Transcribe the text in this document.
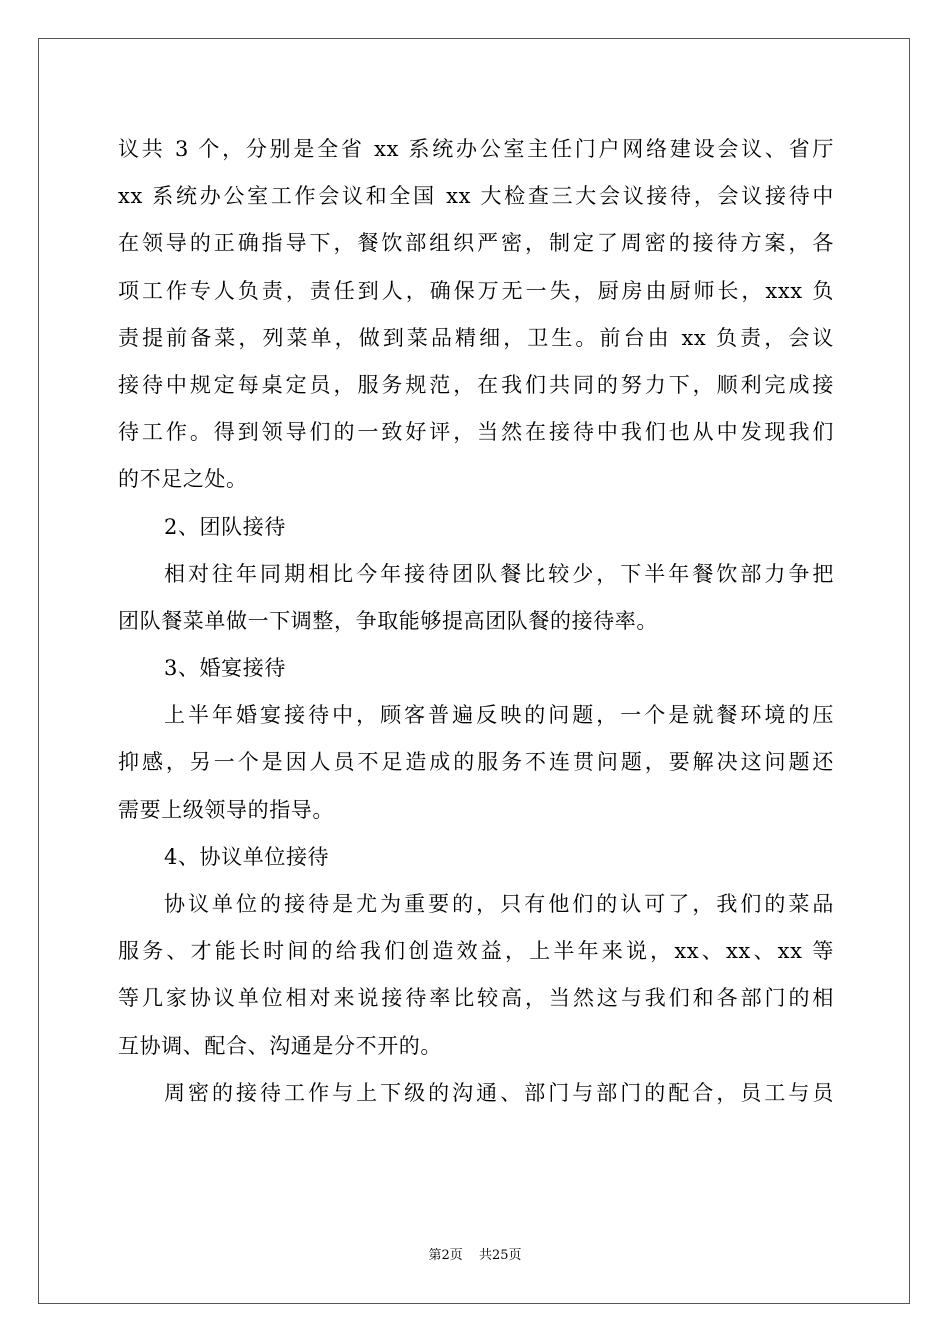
议共 3 个，分别是全省 xx 系统办公室主任门户网络建设会议、省厅
xx 系统办公室工作会议和全国 xx 大检查三大会议接待，会议接待中
在领导的正确指导下，餐饮部组织严密，制定了周密的接待方案，各
项工作专人负责，责任到人，确保万无一失，厨房由厨师长，xxx 负
责提前备菜，列菜单，做到菜品精细，卫生。前台由 xx 负责，会议
接待中规定每桌定员，服务规范，在我们共同的努力下，顺利完成接
待工作。得到领导们的一致好评，当然在接待中我们也从中发现我们
的不足之处。
2、团队接待
相对往年同期相比今年接待团队餐比较少，下半年餐饮部力争把
团队餐菜单做一下调整，争取能够提高团队餐的接待率。
3、婚宴接待
上半年婚宴接待中，顾客普遍反映的问题，一个是就餐环境的压
抑感，另一个是因人员不足造成的服务不连贯问题，要解决这问题还
需要上级领导的指导。
4、协议单位接待
协议单位的接待是尤为重要的，只有他们的认可了，我们的菜品
服务、才能长时间的给我们创造效益，上半年来说，xx、xx、xx 等
等几家协议单位相对来说接待率比较高，当然这与我们和各部门的相
互协调、配合、沟通是分不开的。
周密的接待工作与上下级的沟通、部门与部门的配合，员工与员
第2页 共25页
